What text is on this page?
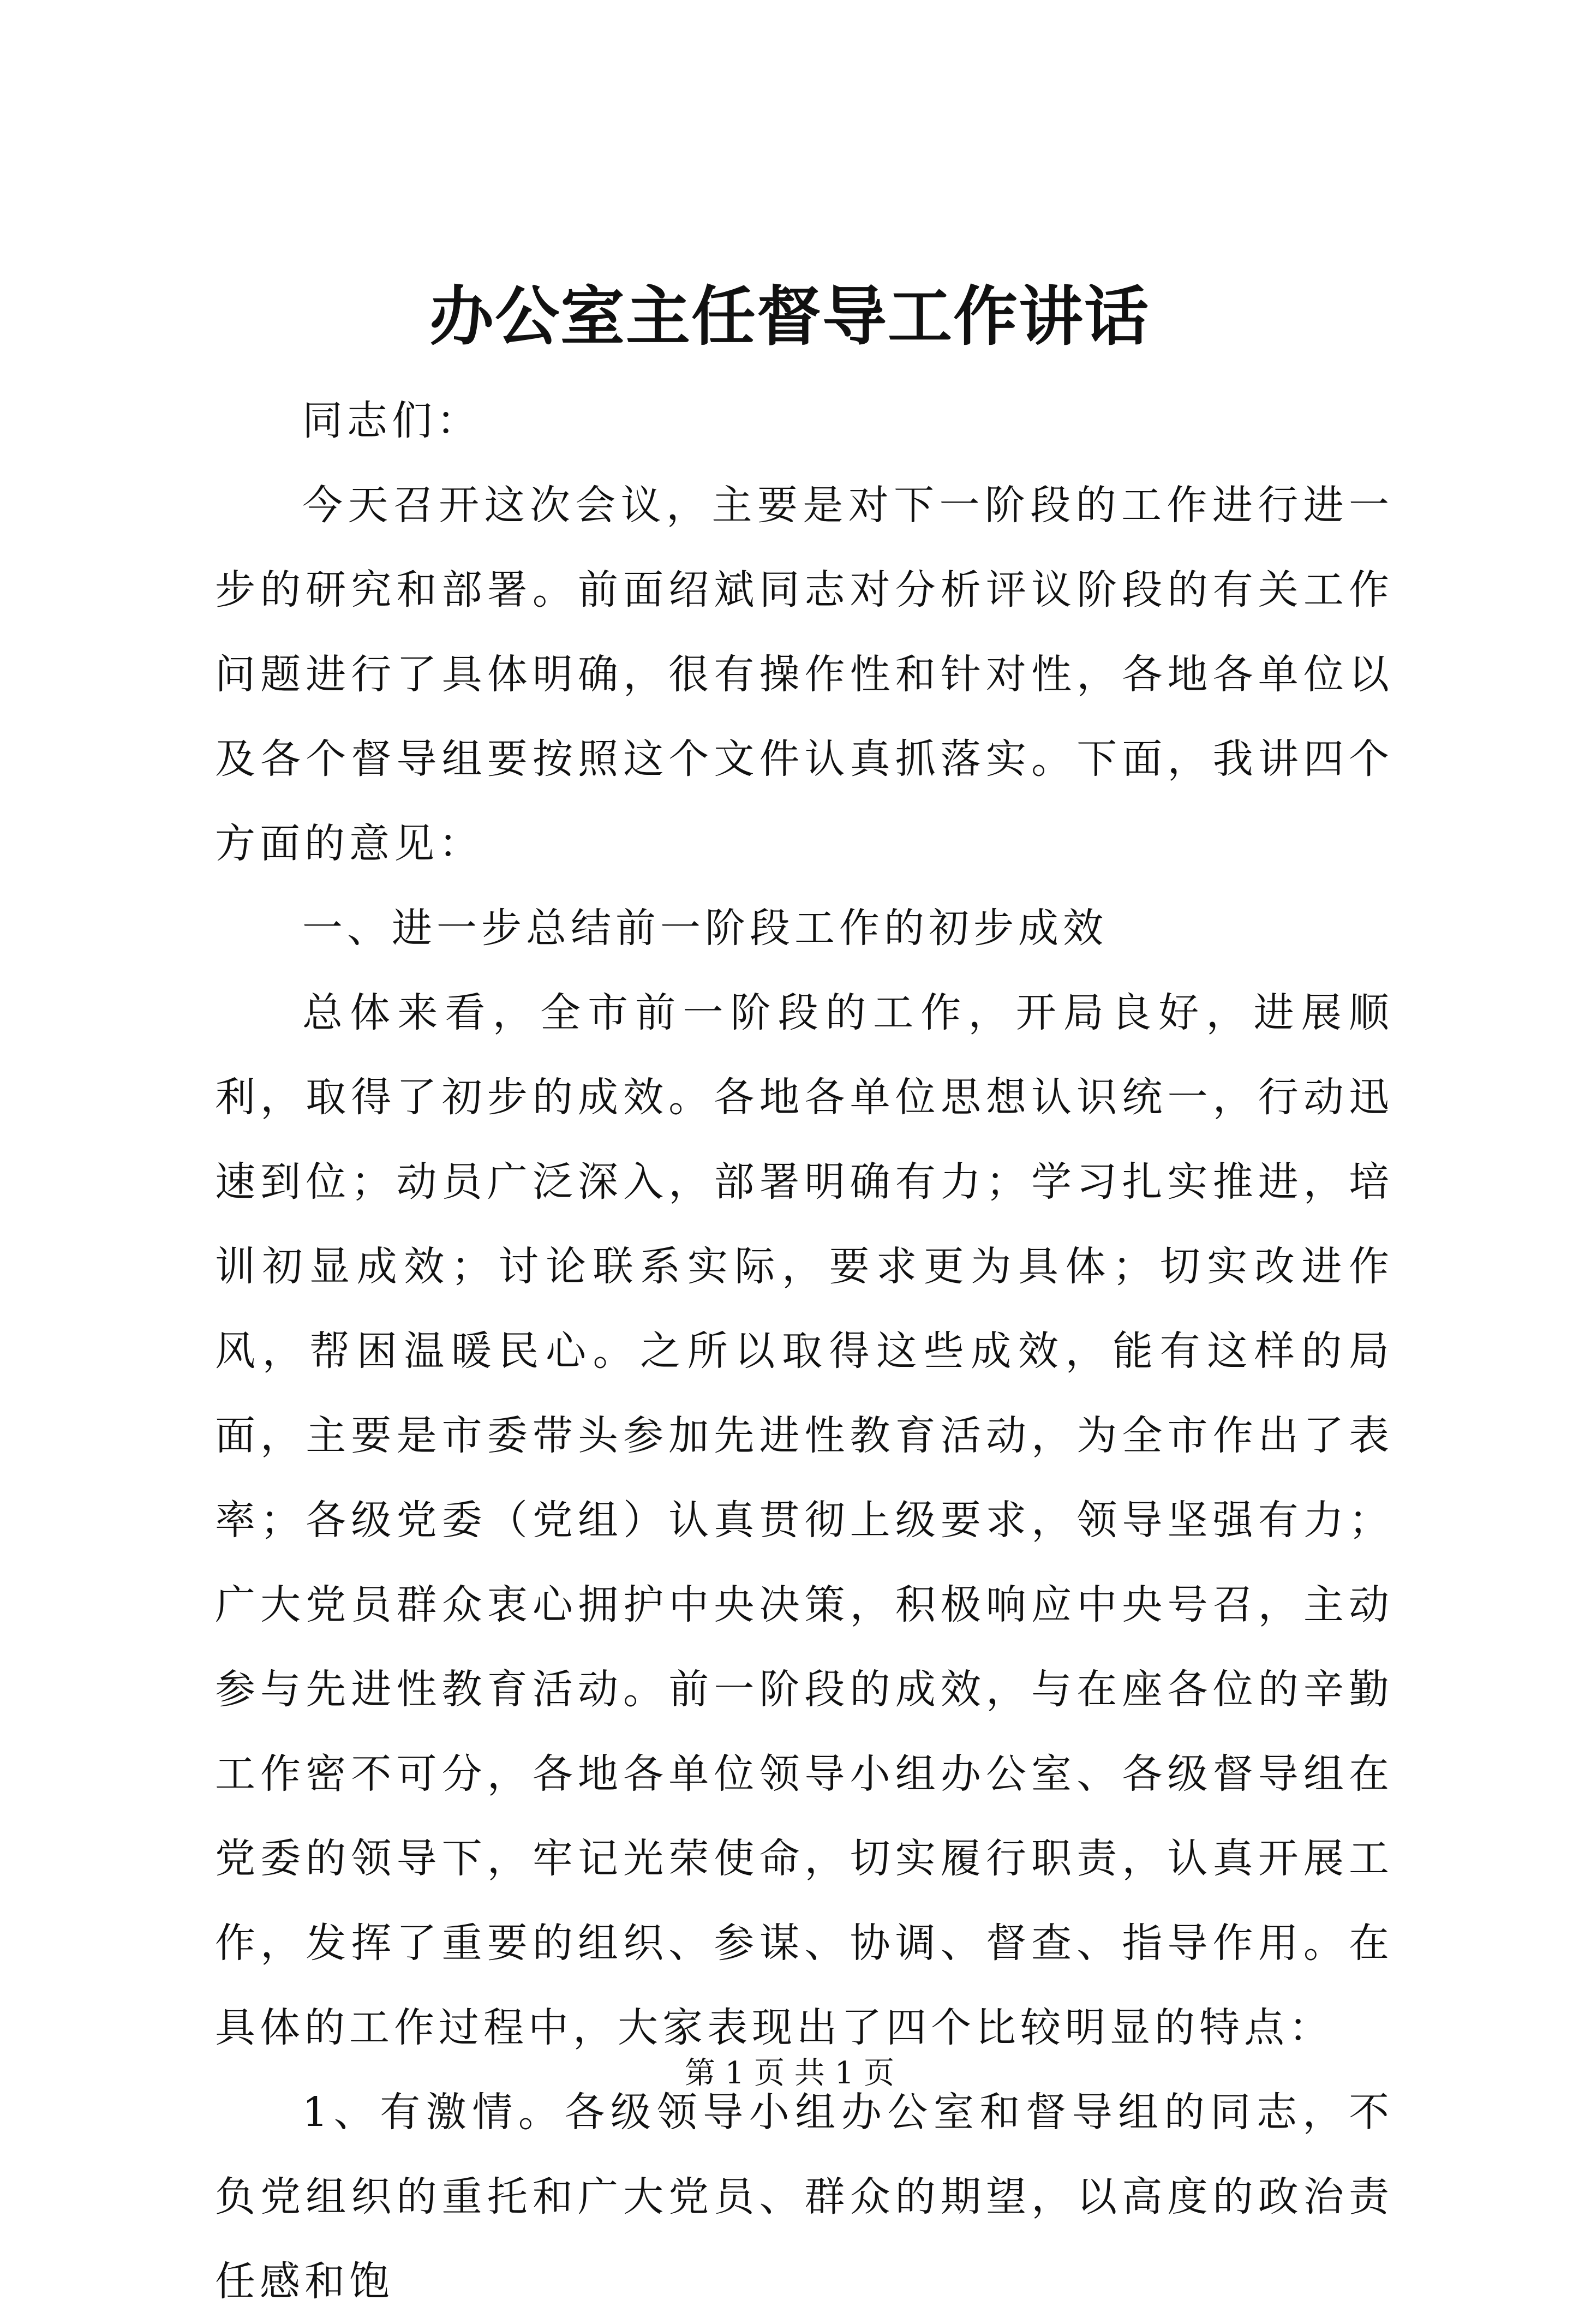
办公室主任督导工作讲话

同志们：

今天召开这次会议，主要是对下一阶段的工作进行进一步的研究和部署。前面绍斌同志对分析评议阶段的有关工作问题进行了具体明确，很有操作性和针对性，各地各单位以及各个督导组要按照这个文件认真抓落实。下面，我讲四个方面的意见：

一、进一步总结前一阶段工作的初步成效

总体来看，全市前一阶段的工作，开局良好，进展顺利，取得了初步的成效。各地各单位思想认识统一，行动迅速到位；动员广泛深入，部署明确有力；学习扎实推进，培训初显成效；讨论联系实际，要求更为具体；切实改进作风，帮困温暖民心。之所以取得这些成效，能有这样的局面，主要是市委带头参加先进性教育活动，为全市作出了表率；各级党委（党组）认真贯彻上级要求，领导坚强有力；广大党员群众衷心拥护中央决策，积极响应中央号召，主动参与先进性教育活动。前一阶段的成效，与在座各位的辛勤工作密不可分，各地各单位领导小组办公室、各级督导组在党委的领导下，牢记光荣使命，切实履行职责，认真开展工作，发挥了重要的组织、参谋、协调、督查、指导作用。在具体的工作过程中，大家表现出了四个比较明显的特点：

1、有激情。各级领导小组办公室和督导组的同志，不负党组织的重托和广大党员、群众的期望，以高度的政治责任感和饱

第 1 页 共 1 页
